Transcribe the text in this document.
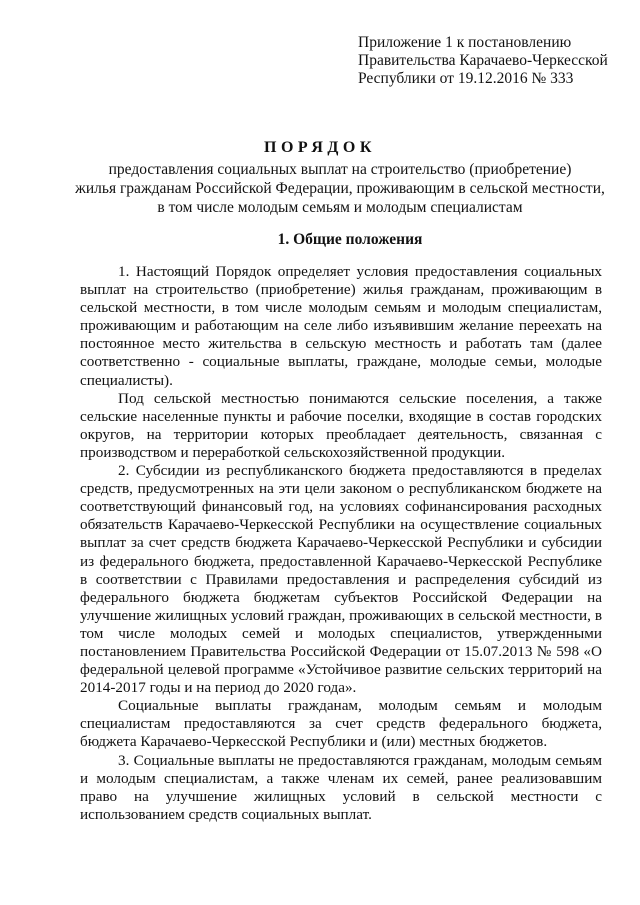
Приложение 1 к постановлению
Правительства Карачаево-Черкесской
Республики от 19.12.2016 № 333
ПОРЯДОК
предоставления социальных выплат на строительство (приобретение)
жилья гражданам Российской Федерации, проживающим в сельской местности,
в том числе молодым семьям и молодым специалистам
1. Общие положения

1. Настоящий Порядок определяет условия предоставления социальных выплат на строительство (приобретение) жилья гражданам, проживающим в сельской местности, в том числе молодым семьям и молодым специалистам, проживающим и работающим на селе либо изъявившим желание переехать на постоянное место жительства в сельскую местность и работать там (далее соответственно - социальные выплаты, граждане, молодые семьи, молодые специалисты).

Под сельской местностью понимаются сельские поселения, а также сельские населенные пункты и рабочие поселки, входящие в состав городских округов, на территории которых преобладает деятельность, связанная с производством и переработкой сельскохозяйственной продукции.

2. Субсидии из республиканского бюджета предоставляются в пределах средств, предусмотренных на эти цели законом о республиканском бюджете на соответствующий финансовый год, на условиях софинансирования расходных обязательств Карачаево-Черкесской Республики на осуществление социальных выплат за счет средств бюджета Карачаево-Черкесской Республики и субсидии из федерального бюджета, предоставленной Карачаево-Черкесской Республике в соответствии с Правилами предоставления и распределения субсидий из федерального бюджета бюджетам субъектов Российской Федерации на улучшение жилищных условий граждан, проживающих в сельской местности, в том числе молодых семей и молодых специалистов, утвержденными постановлением Правительства Российской Федерации от 15.07.2013 № 598 «О федеральной целевой программе «Устойчивое развитие сельских территорий на 2014-2017 годы и на период до 2020 года».

Социальные выплаты гражданам, молодым семьям и молодым специалистам предоставляются за счет средств федерального бюджета, бюджета Карачаево-Черкесской Республики и (или) местных бюджетов.

3. Социальные выплаты не предоставляются гражданам, молодым семьям и молодым специалистам, а также членам их семей, ранее реализовавшим право на улучшение жилищных условий в сельской местности с использованием средств социальных выплат.
